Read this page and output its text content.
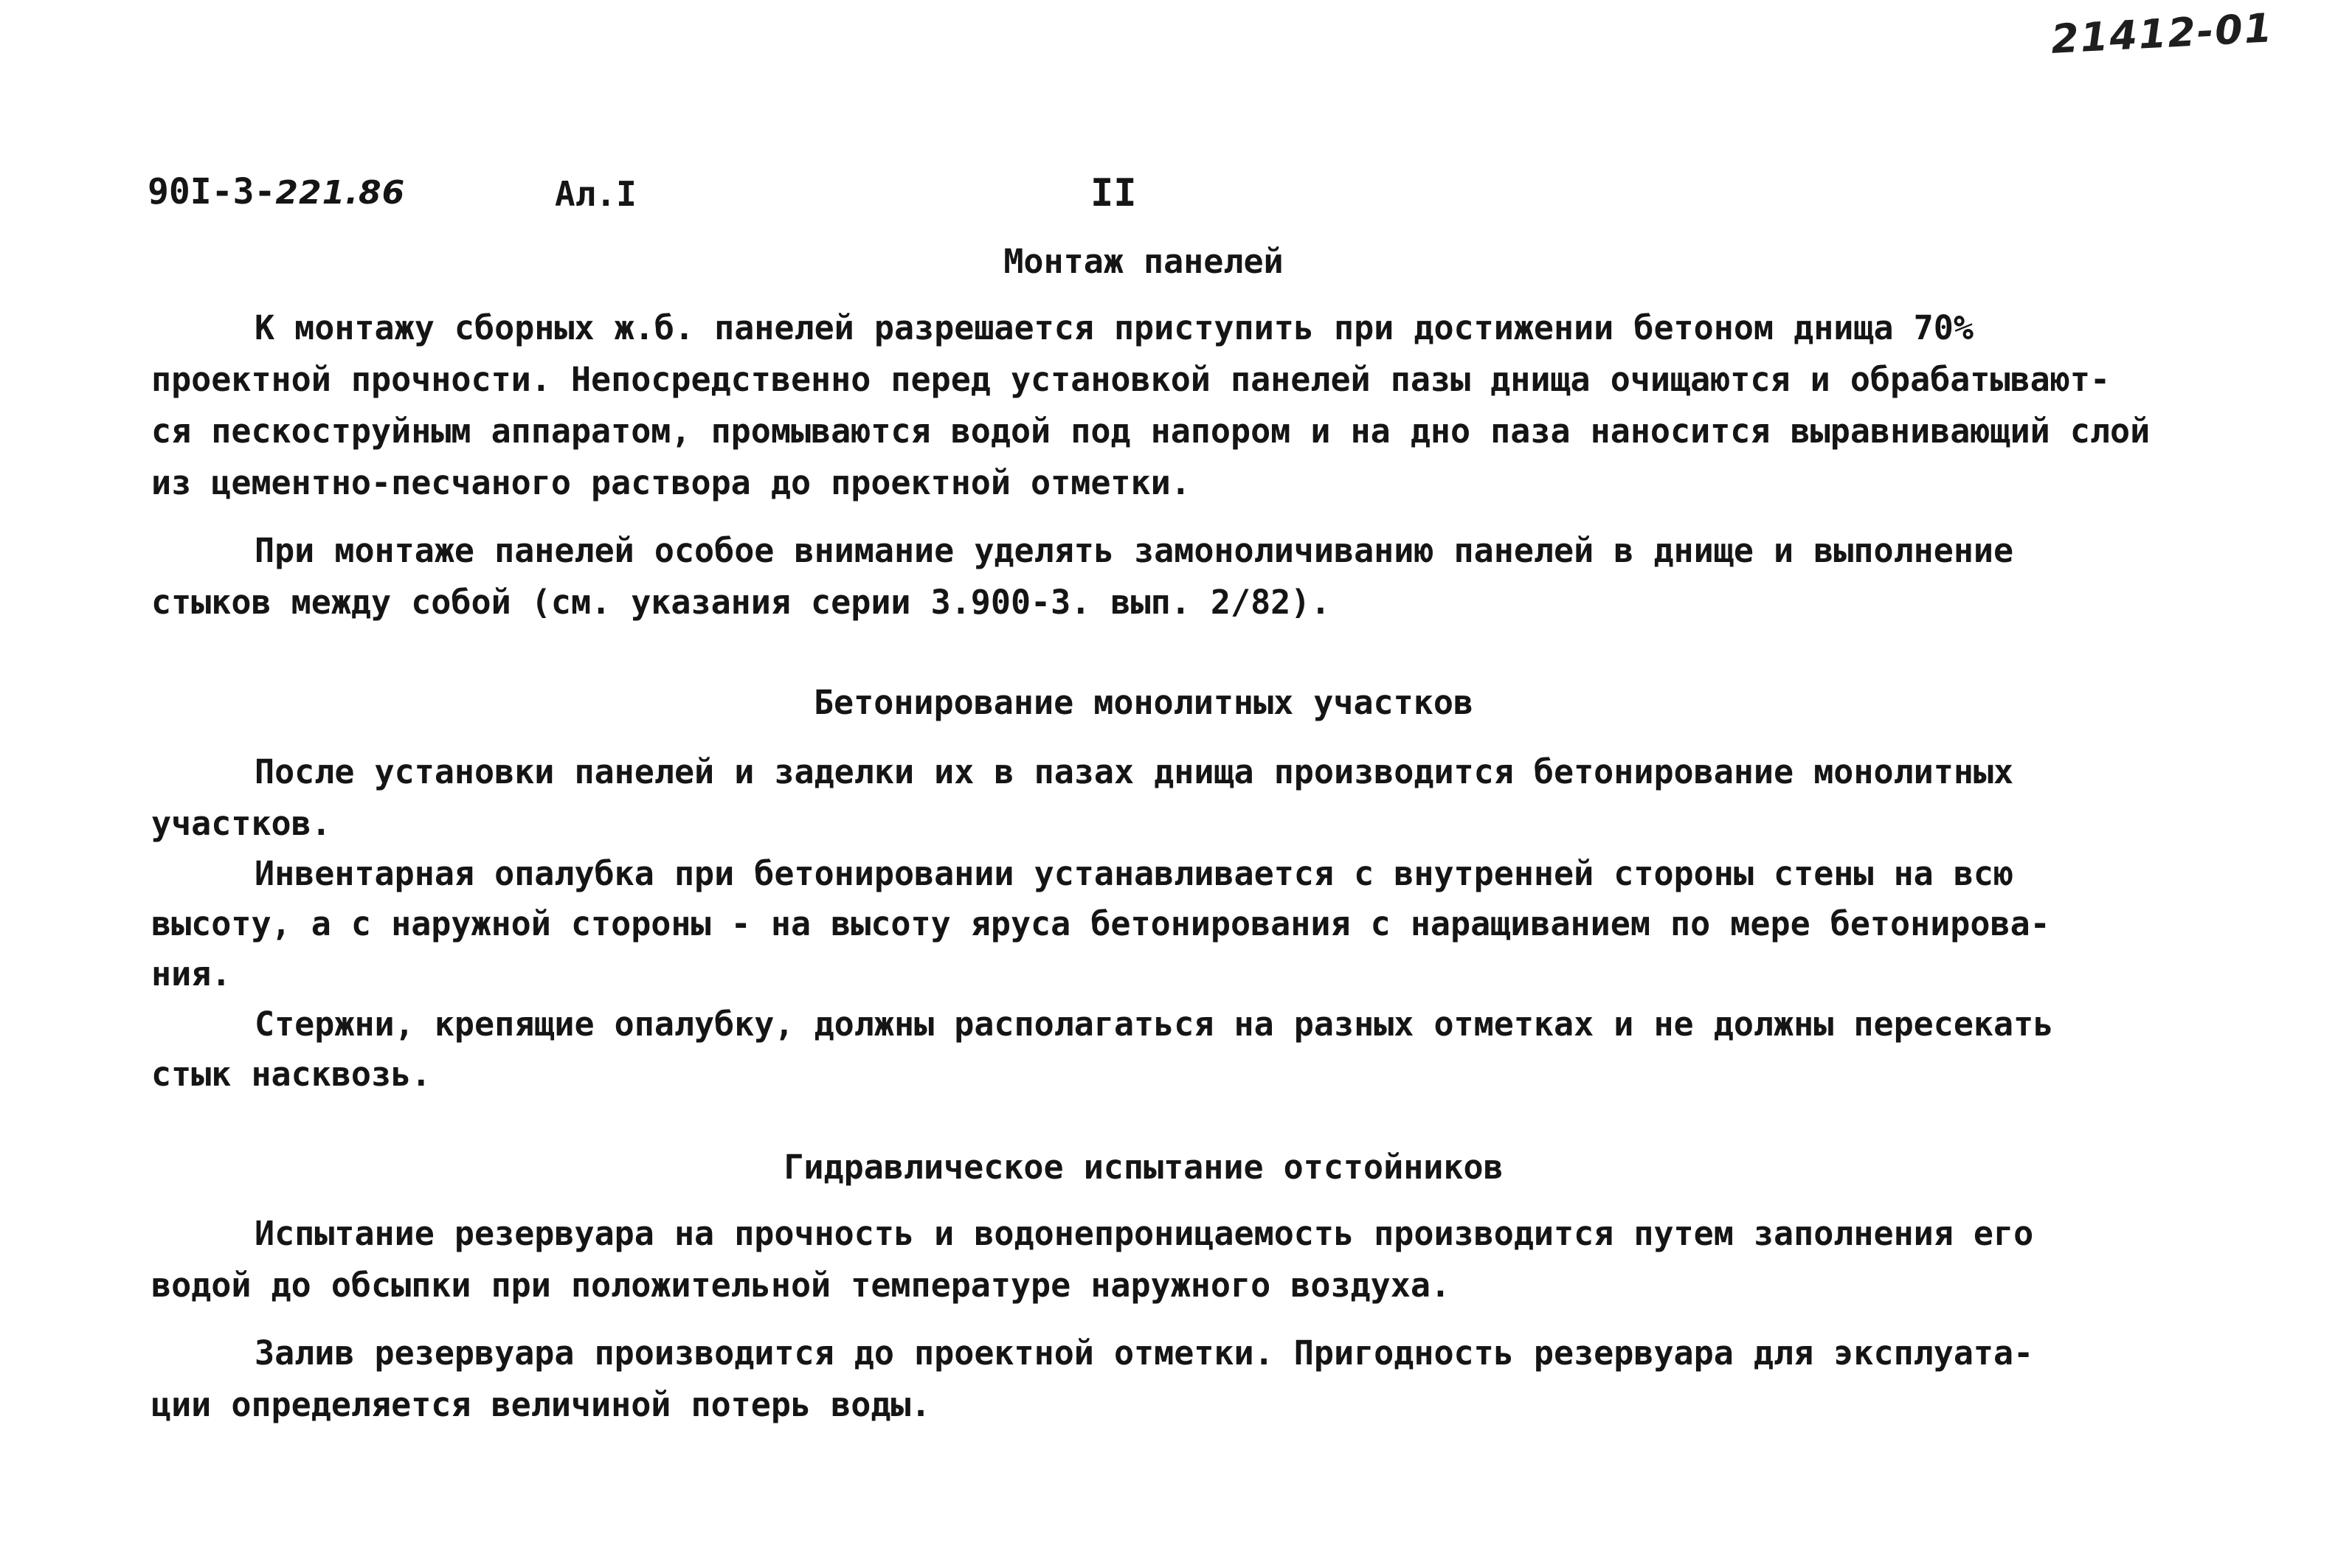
21412-01
90I-3-221.86	Ал.I	II
Монтаж панелей
К монтажу сборных ж.б. панелей разрешается приступить при достижении бетоном днища 70%
проектной прочности. Непосредственно перед установкой панелей пазы днища очищаются и обрабатывают-
ся пескоструйным аппаратом, промываются водой под напором и на дно паза наносится выравнивающий слой
из цементно-песчаного раствора до проектной отметки.
При монтаже панелей особое внимание уделять замоноличиванию панелей в днище и выполнение
стыков между собой (см. указания серии 3.900-3. вып. 2/82).
Бетонирование монолитных участков
После установки панелей и заделки их в пазах днища производится бетонирование монолитных
участков.
Инвентарная опалубка при бетонировании устанавливается с внутренней стороны стены на всю
высоту, а с наружной стороны - на высоту яруса бетонирования с наращиванием по мере бетонирова-
ния.
Стержни, крепящие опалубку, должны располагаться на разных отметках и не должны пересекать
стык насквозь.
Гидравлическое испытание отстойников
Испытание резервуара на прочность и водонепроницаемость производится путем заполнения его
водой до обсыпки при положительной температуре наружного воздуха.
Залив резервуара производится до проектной отметки. Пригодность резервуара для эксплуата-
ции определяется величиной потерь воды.
